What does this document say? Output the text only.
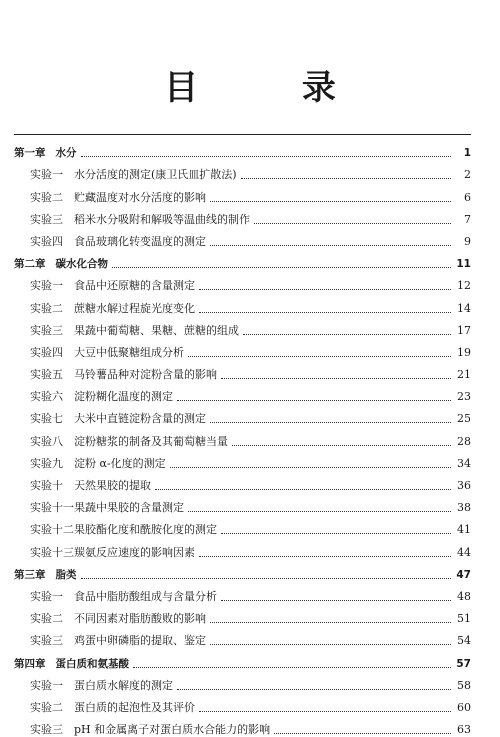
目 录
第一章 水分	1
实验一 水分活度的测定(康卫氏皿扩散法)	2
实验二 贮藏温度对水分活度的影响	6
实验三 稻米水分吸附和解吸等温曲线的制作	7
实验四 食品玻璃化转变温度的测定	9
第二章 碳水化合物	11
实验一 食品中还原糖的含量测定	12
实验二 蔗糖水解过程旋光度变化	14
实验三 果蔬中葡萄糖、果糖、蔗糖的组成	17
实验四 大豆中低聚糖组成分析	19
实验五 马铃薯品种对淀粉含量的影响	21
实验六 淀粉糊化温度的测定	23
实验七 大米中直链淀粉含量的测定	25
实验八 淀粉糖浆的制备及其葡萄糖当量	28
实验九 淀粉 α-化度的测定	34
实验十 天然果胶的提取	36
实验十一果蔬中果胶的含量测定	38
实验十二果胶酯化度和酰胺化度的测定	41
实验十三羰氨反应速度的影响因素	44
第三章 脂类	47
实验一 食品中脂肪酸组成与含量分析	48
实验二 不同因素对脂肪酸败的影响	51
实验三 鸡蛋中卵磷脂的提取、鉴定	54
第四章 蛋白质和氨基酸	57
实验一 蛋白质水解度的测定	58
实验二 蛋白质的起泡性及其评价	60
实验三 pH 和金属离子对蛋白质水合能力的影响	63
